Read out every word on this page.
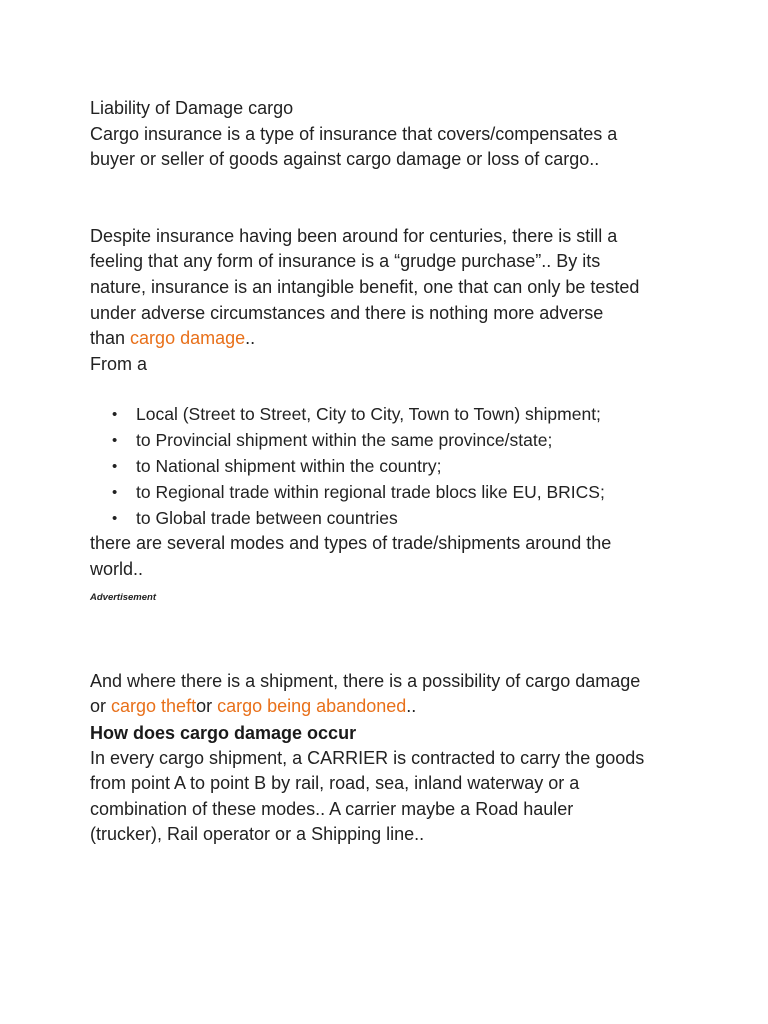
Liability of Damage cargo

Cargo insurance is a type of insurance that covers/compensates a

buyer or seller of goods against cargo damage or loss of cargo..

Despite insurance having been around for centuries, there is still a

feeling that any form of insurance is a “grudge purchase”.. By its

nature, insurance is an intangible benefit, one that can only be tested

under adverse circumstances and there is nothing more adverse

than cargo damage..

From a

• Local (Street to Street, City to City, Town to Town) shipment;
• to Provincial shipment within the same province/state;
• to National shipment within the country;
• to Regional trade within regional trade blocs like EU, BRICS;
• to Global trade between countries

there are several modes and types of trade/shipments around the

world..

Advertisement

And where there is a shipment, there is a possibility of cargo damage

or cargo theftor cargo being abandoned..

How does cargo damage occur

In every cargo shipment, a CARRIER is contracted to carry the goods

from point A to point B by rail, road, sea, inland waterway or a

combination of these modes.. A carrier maybe a Road hauler

(trucker), Rail operator or a Shipping line..
